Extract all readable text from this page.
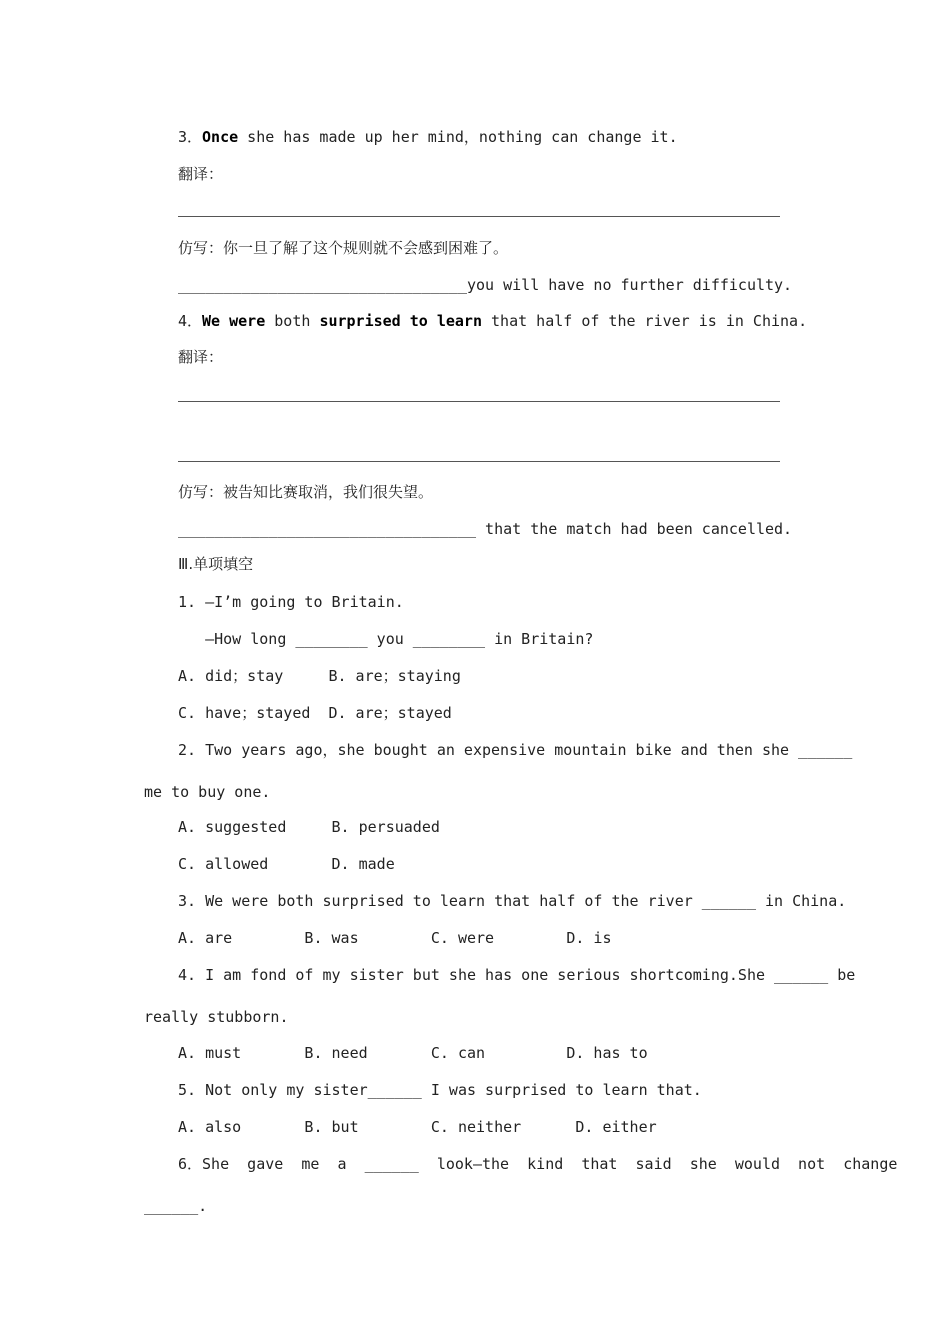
3．Once she has made up her mind，nothing can change it.
翻译：
仿写：你一旦了解了这个规则就不会感到困难了。
________________________________you will have no further difficulty.
4．We were both surprised to learn that half of the river is in China.
翻译：
仿写：被告知比赛取消，我们很失望。
_________________________________ that the match had been cancelled.
Ⅲ.单项填空
1. —I’m going to Britain.
—How long ________ you ________ in Britain?
A. did；stay     B. are；staying
C. have；stayed  D. are；stayed
2. Two years ago，she bought an expensive mountain bike and then she ______
me to buy one.
A. suggested     B. persuaded
C. allowed       D. made
3. We were both surprised to learn that half of the river ______ in China.
A. are        B. was        C. were        D. is
4. I am fond of my sister but she has one serious shortcoming.She ______ be
really stubborn.
A. must       B. need       C. can         D. has to
5. Not only my sister______ I was surprised to learn that.
A. also       B. but        C. neither      D. either
6．She  gave  me  a  ______  look—the  kind  that  said  she  would  not  change
______.
